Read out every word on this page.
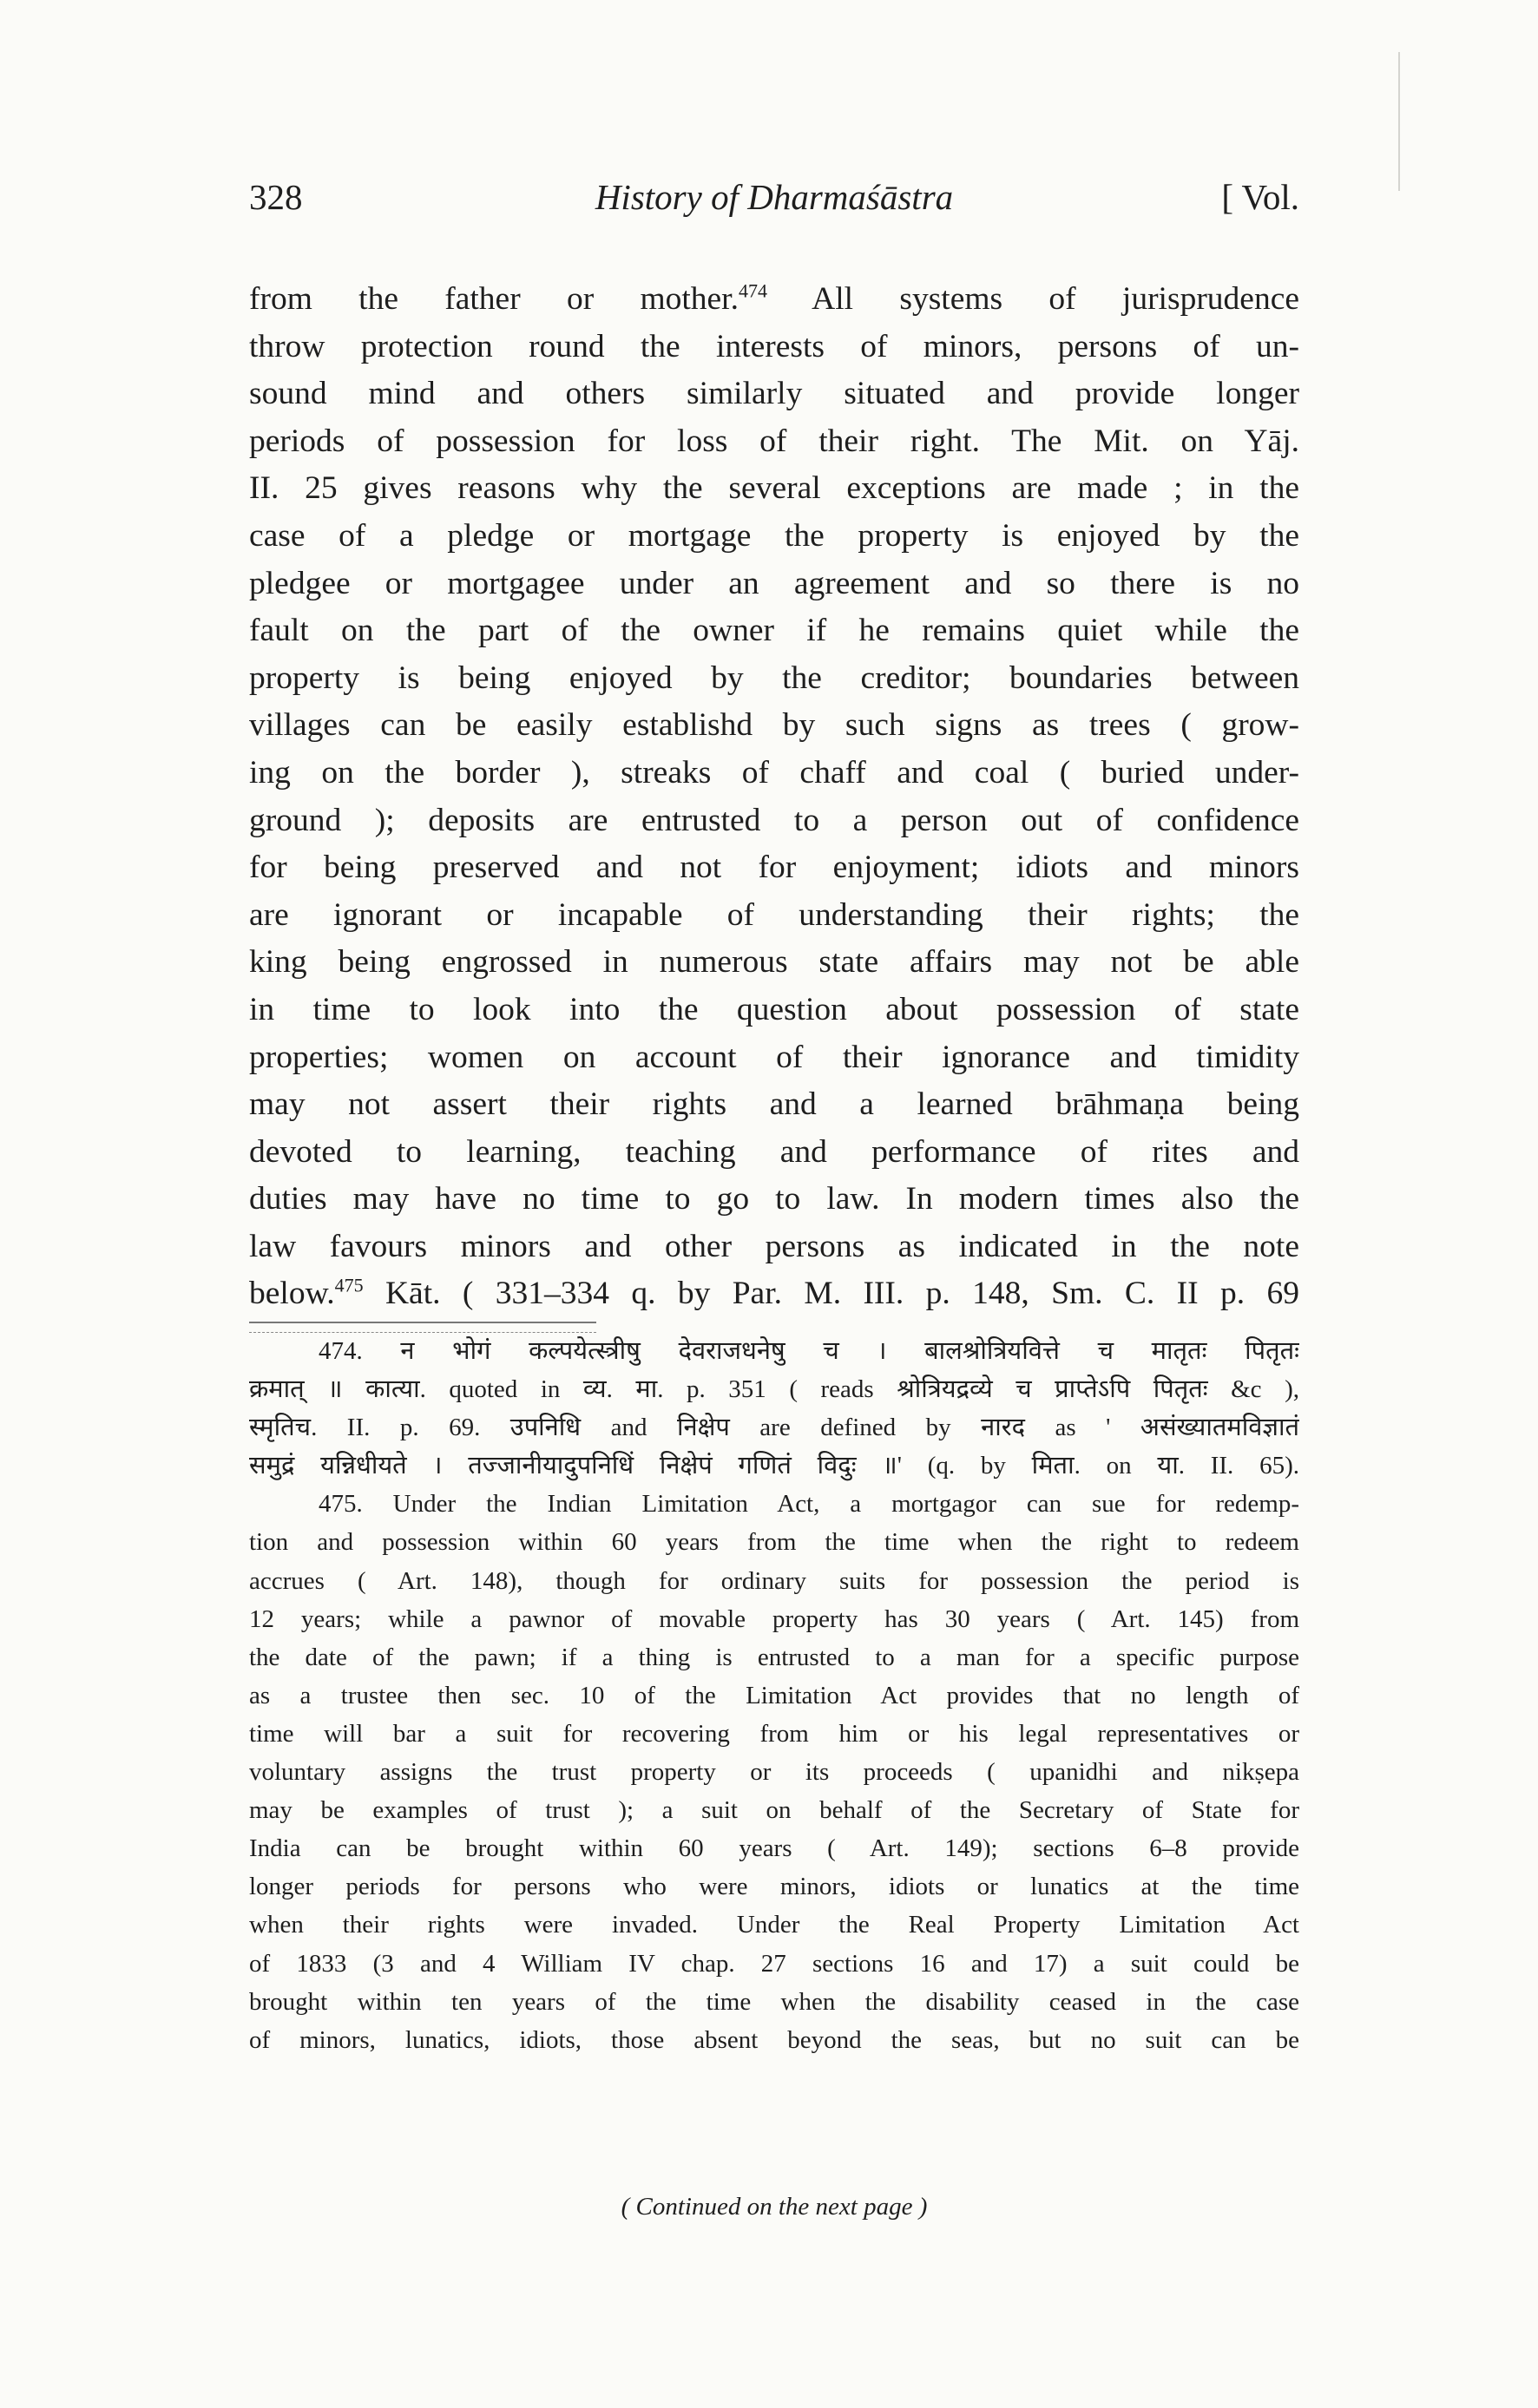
328	History of Dharmaśāstra	[ Vol.
from the father or mother.$^{474}$ All systems of jurisprudence
throw protection round the interests of minors, persons of un-
sound mind and others similarly situated and provide longer
periods of possession for loss of their right. The Mit. on Yāj.
II. 25 gives reasons why the several exceptions are made ; in the
case of a pledge or mortgage the property is enjoyed by the
pledgee or mortgagee under an agreement and so there is no
fault on the part of the owner if he remains quiet while the
property is being enjoyed by the creditor; boundaries between
villages can be easily establishd by such signs as trees ( grow-
ing on the border ), streaks of chaff and coal ( buried under-
ground ); deposits are entrusted to a person out of confidence
for being preserved and not for enjoyment; idiots and minors
are ignorant or incapable of understanding their rights; the
king being engrossed in numerous state affairs may not be able
in time to look into the question about possession of state
properties; women on account of their ignorance and timidity
may not assert their rights and a learned brāhmaṇa being
devoted to learning, teaching and performance of rites and
duties may have no time to go to law. In modern times also the
law favours minors and other persons as indicated in the note
below.$^{475}$ Kāt. ( 331–334 q. by Par. M. III. p. 148, Sm. C. II p. 69
474. न भोगं कल्पयेत्स्त्रीषु देवराजधनेषु च । बालश्रोत्रियवित्ते च मातृतः पितृतः
क्रमात् ॥ कात्या. quoted in व्य. मा. p. 351 ( reads श्रोत्रियद्रव्ये च प्राप्तेऽपि पितृतः &c ),
स्मृतिच. II. p. 69. उपनिधि and निक्षेप are defined by नारद as ' असंख्यातमविज्ञातं
समुद्रं यन्निधीयते । तज्जानीयादुपनिधिं निक्षेपं गणितं विदुः ॥' (q. by मिता. on या. II. 65).
475. Under the Indian Limitation Act, a mortgagor can sue for redemp-
tion and possession within 60 years from the time when the right to redeem
accrues ( Art. 148), though for ordinary suits for possession the period is
12 years; while a pawnor of movable property has 30 years ( Art. 145) from
the date of the pawn; if a thing is entrusted to a man for a specific purpose
as a trustee then sec. 10 of the Limitation Act provides that no length of
time will bar a suit for recovering from him or his legal representatives or
voluntary assigns the trust property or its proceeds ( upanidhi and nikṣepa
may be examples of trust ); a suit on behalf of the Secretary of State for
India can be brought within 60 years ( Art. 149); sections 6–8 provide
longer periods for persons who were minors, idiots or lunatics at the time
when their rights were invaded. Under the Real Property Limitation Act
of 1833 (3 and 4 William IV chap. 27 sections 16 and 17) a suit could be
brought within ten years of the time when the disability ceased in the case
of minors, lunatics, idiots, those absent beyond the seas, but no suit can be
( Continued on the next page )
